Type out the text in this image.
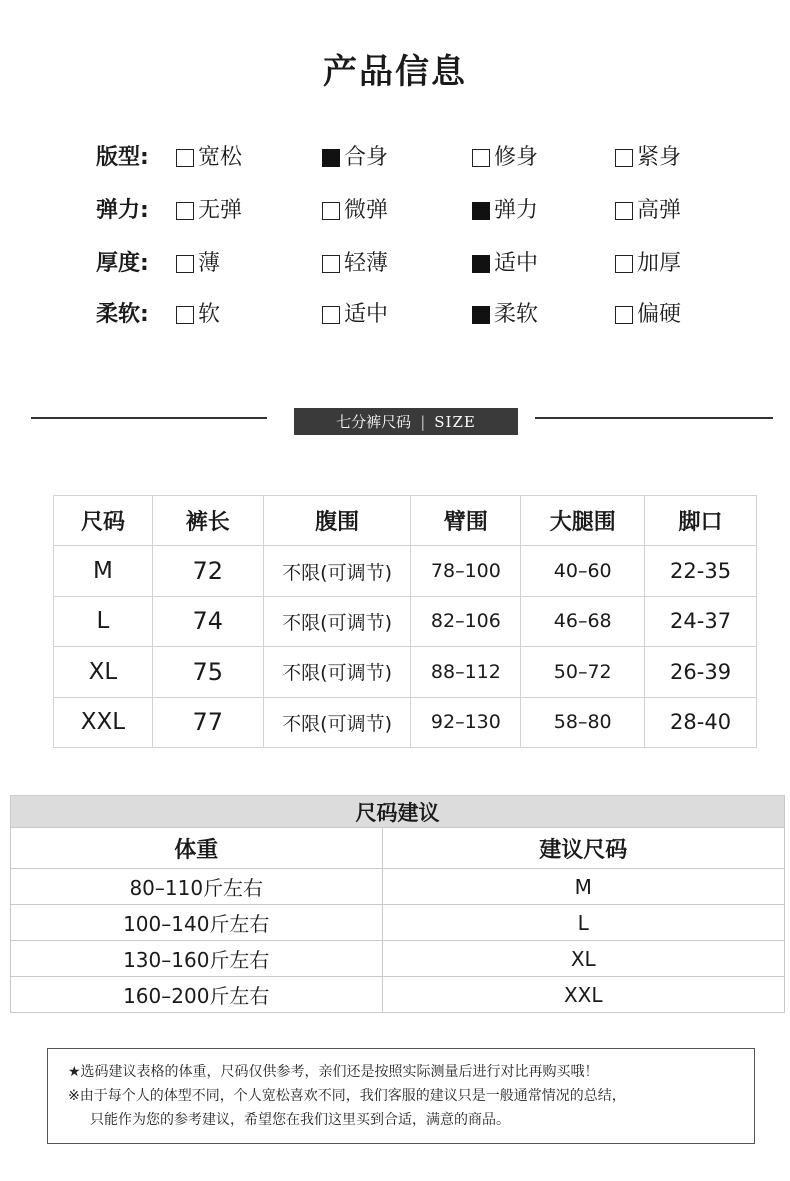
产品信息
版型: 宽松	合身	修身	紧身
弹力: 无弹	微弹	弹力	高弹
厚度: 薄	轻薄	适中	加厚
柔软: 软	适中	柔软	偏硬
七分裤尺码 | SIZE
尺码	裤长	腹围	臂围	大腿围	脚口
M	72	不限(可调节)	78–100	40–60	22-35
L	74	不限(可调节)	82–106	46–68	24-37
XL	75	不限(可调节)	88–112	50–72	26-39
XXL	77	不限(可调节)	92–130	58–80	28-40
尺码建议	
体重	建议尺码
80–110斤左右	M
100–140斤左右	L
130–160斤左右	XL
160–200斤左右	XXL
★选码建议表格的体重，尺码仅供参考，亲们还是按照实际测量后进行对比再购买哦！
※由于每个人的体型不同，个人宽松喜欢不同，我们客服的建议只是一般通常情况的总结，
只能作为您的参考建议，希望您在我们这里买到合适，满意的商品。
